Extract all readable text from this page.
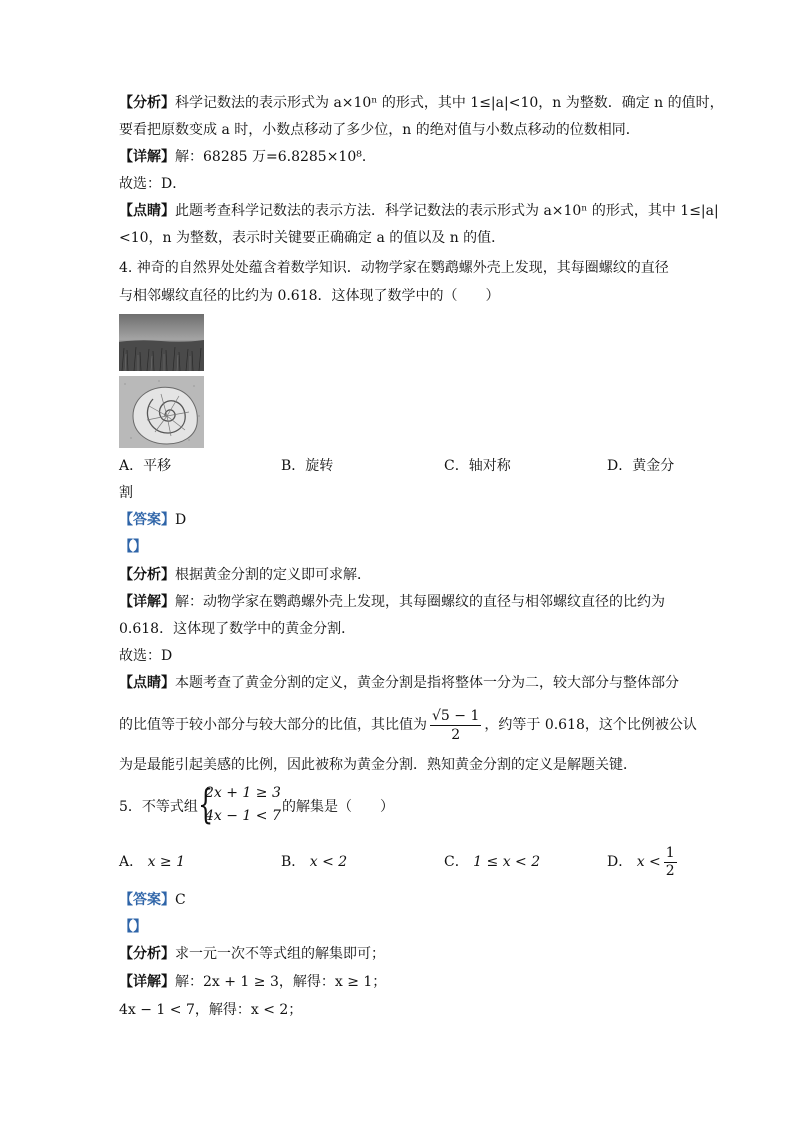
【分析】科学记数法的表示形式为 a×10ⁿ 的形式，其中 1≤|a|<10，n 为整数．确定 n 的值时，
要看把原数变成 a 时，小数点移动了多少位，n 的绝对值与小数点移动的位数相同．
【详解】解：68285 万=6.8285×10⁸．
故选：D．
【点睛】此题考查科学记数法的表示方法．科学记数法的表示形式为 a×10ⁿ 的形式，其中 1≤|a|
<10，n 为整数，表示时关键要正确确定 a 的值以及 n 的值．
4. 神奇的自然界处处蕴含着数学知识．动物学家在鹦鹉螺外壳上发现，其每圈螺纹的直径
与相邻螺纹直径的比约为 0.618．这体现了数学中的（　　）
A．平移	B．旋转	C．轴对称	D．黄金分
割
【答案】D
【】
【分析】根据黄金分割的定义即可求解．
【详解】解：动物学家在鹦鹉螺外壳上发现，其每圈螺纹的直径与相邻螺纹直径的比约为
0.618．这体现了数学中的黄金分割．
故选：D
【点睛】本题考查了黄金分割的定义，黄金分割是指将整体一分为二，较大部分与整体部分
的比值等于较小部分与较大部分的比值，其比值为 $\frac{√5 - 1}{2}$ ，约等于 0.618，这个比例被公认
为是最能引起美感的比例，因此被称为黄金分割．熟知黄金分割的定义是解题关键．
5．不等式组 {
2x + 1 ≥ 3
4x − 1 < 7
的解集是（　　）
A． x ≥ 1	B． x < 2	C． 1 ≤ x < 2	D． $x < \frac{1}{2}$
【答案】C
【】
【分析】求一元一次不等式组的解集即可；
【详解】解：2x + 1 ≥ 3，解得：x ≥ 1；
4x − 1 < 7，解得：x < 2；
